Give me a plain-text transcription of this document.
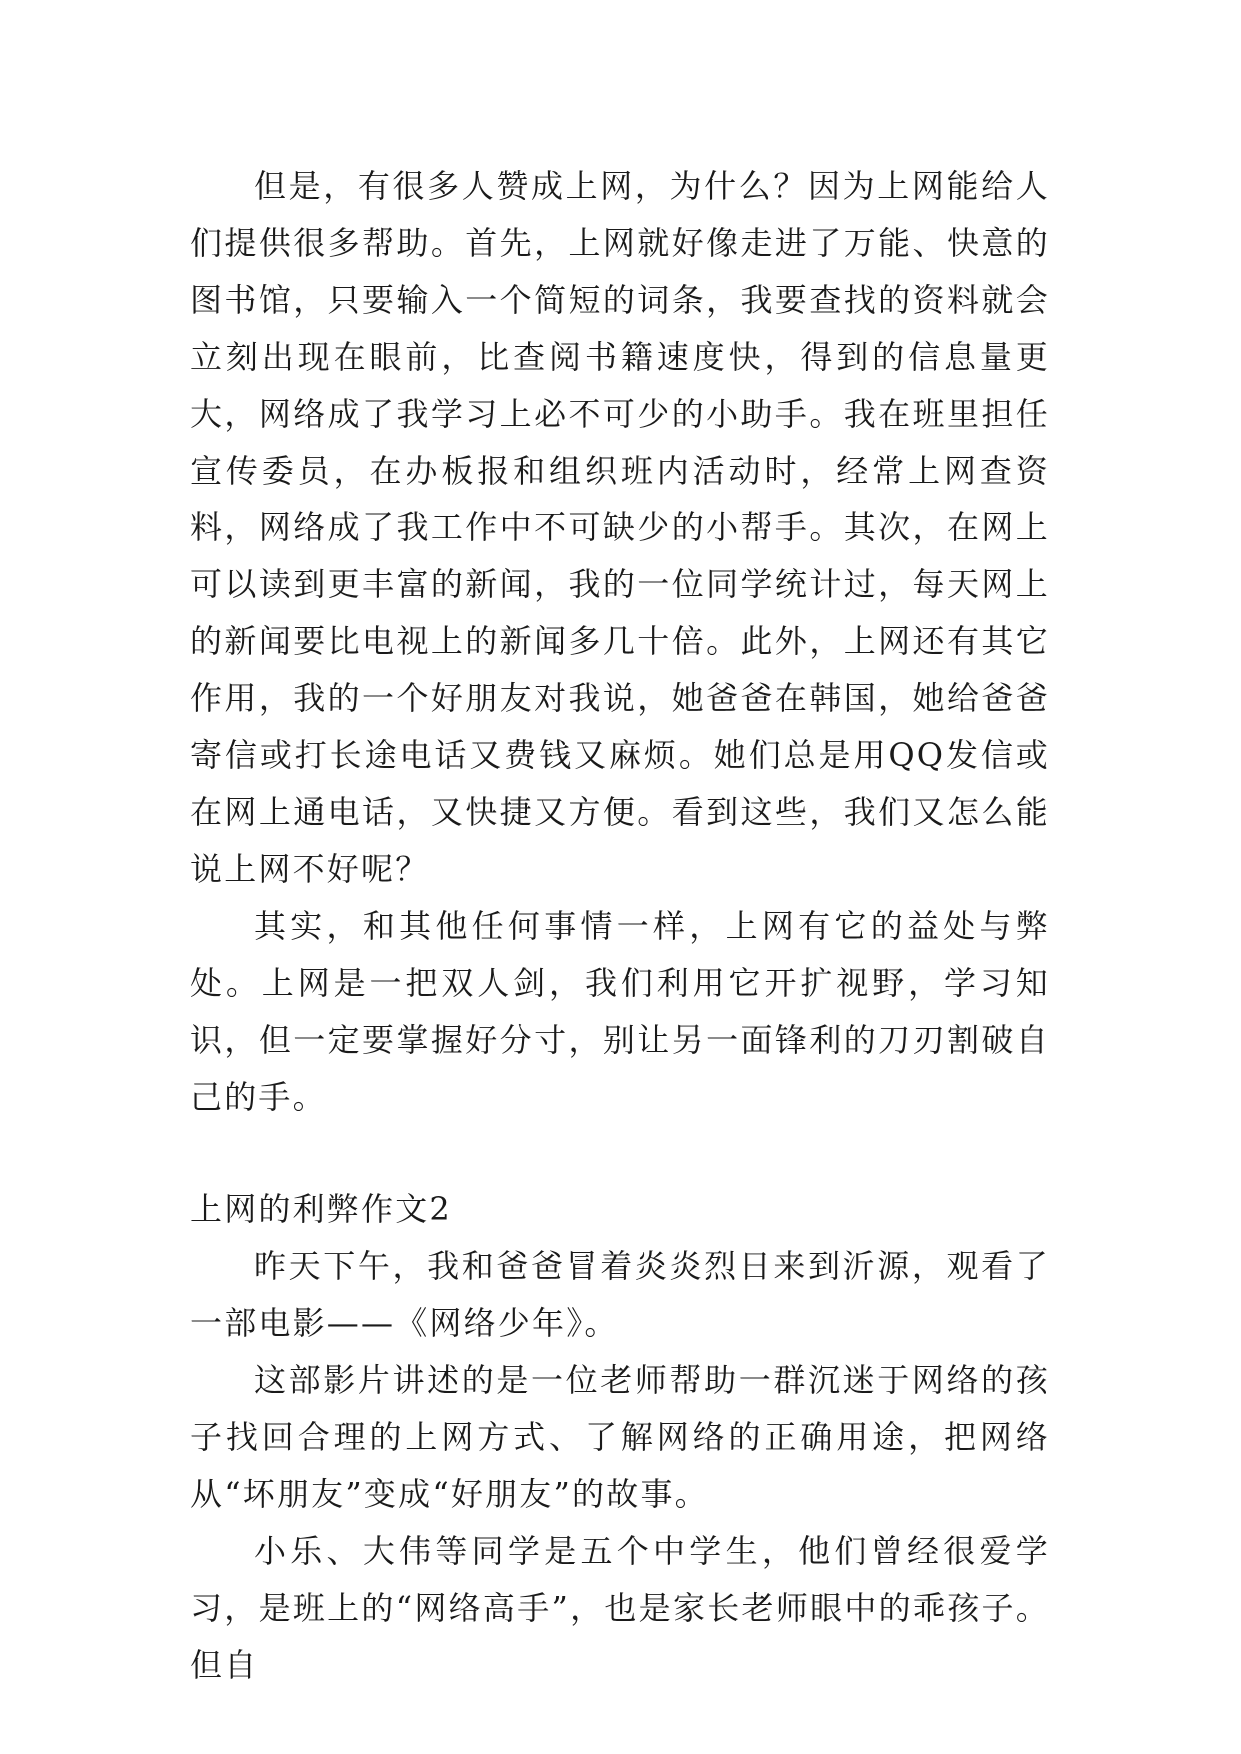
但是，有很多人赞成上网，为什么？因为上网能给人们提供很多帮助。首先，上网就好像走进了万能、快意的图书馆，只要输入一个简短的词条，我要查找的资料就会立刻出现在眼前，比查阅书籍速度快，得到的信息量更大，网络成了我学习上必不可少的小助手。我在班里担任宣传委员，在办板报和组织班内活动时，经常上网查资料，网络成了我工作中不可缺少的小帮手。其次，在网上可以读到更丰富的新闻，我的一位同学统计过，每天网上的新闻要比电视上的新闻多几十倍。此外，上网还有其它作用，我的一个好朋友对我说，她爸爸在韩国，她给爸爸寄信或打长途电话又费钱又麻烦。她们总是用QQ发信或在网上通电话，又快捷又方便。看到这些，我们又怎么能说上网不好呢？

其实，和其他任何事情一样，上网有它的益处与弊处。上网是一把双人剑，我们利用它开扩视野，学习知识，但一定要掌握好分寸，别让另一面锋利的刀刃割破自己的手。

上网的利弊作文2

昨天下午，我和爸爸冒着炎炎烈日来到沂源，观看了一部电影——《网络少年》。

这部影片讲述的是一位老师帮助一群沉迷于网络的孩子找回合理的上网方式、了解网络的正确用途，把网络从“坏朋友”变成“好朋友”的故事。

小乐、大伟等同学是五个中学生，他们曾经很爱学习，是班上的“网络高手”，也是家长老师眼中的乖孩子。但自
